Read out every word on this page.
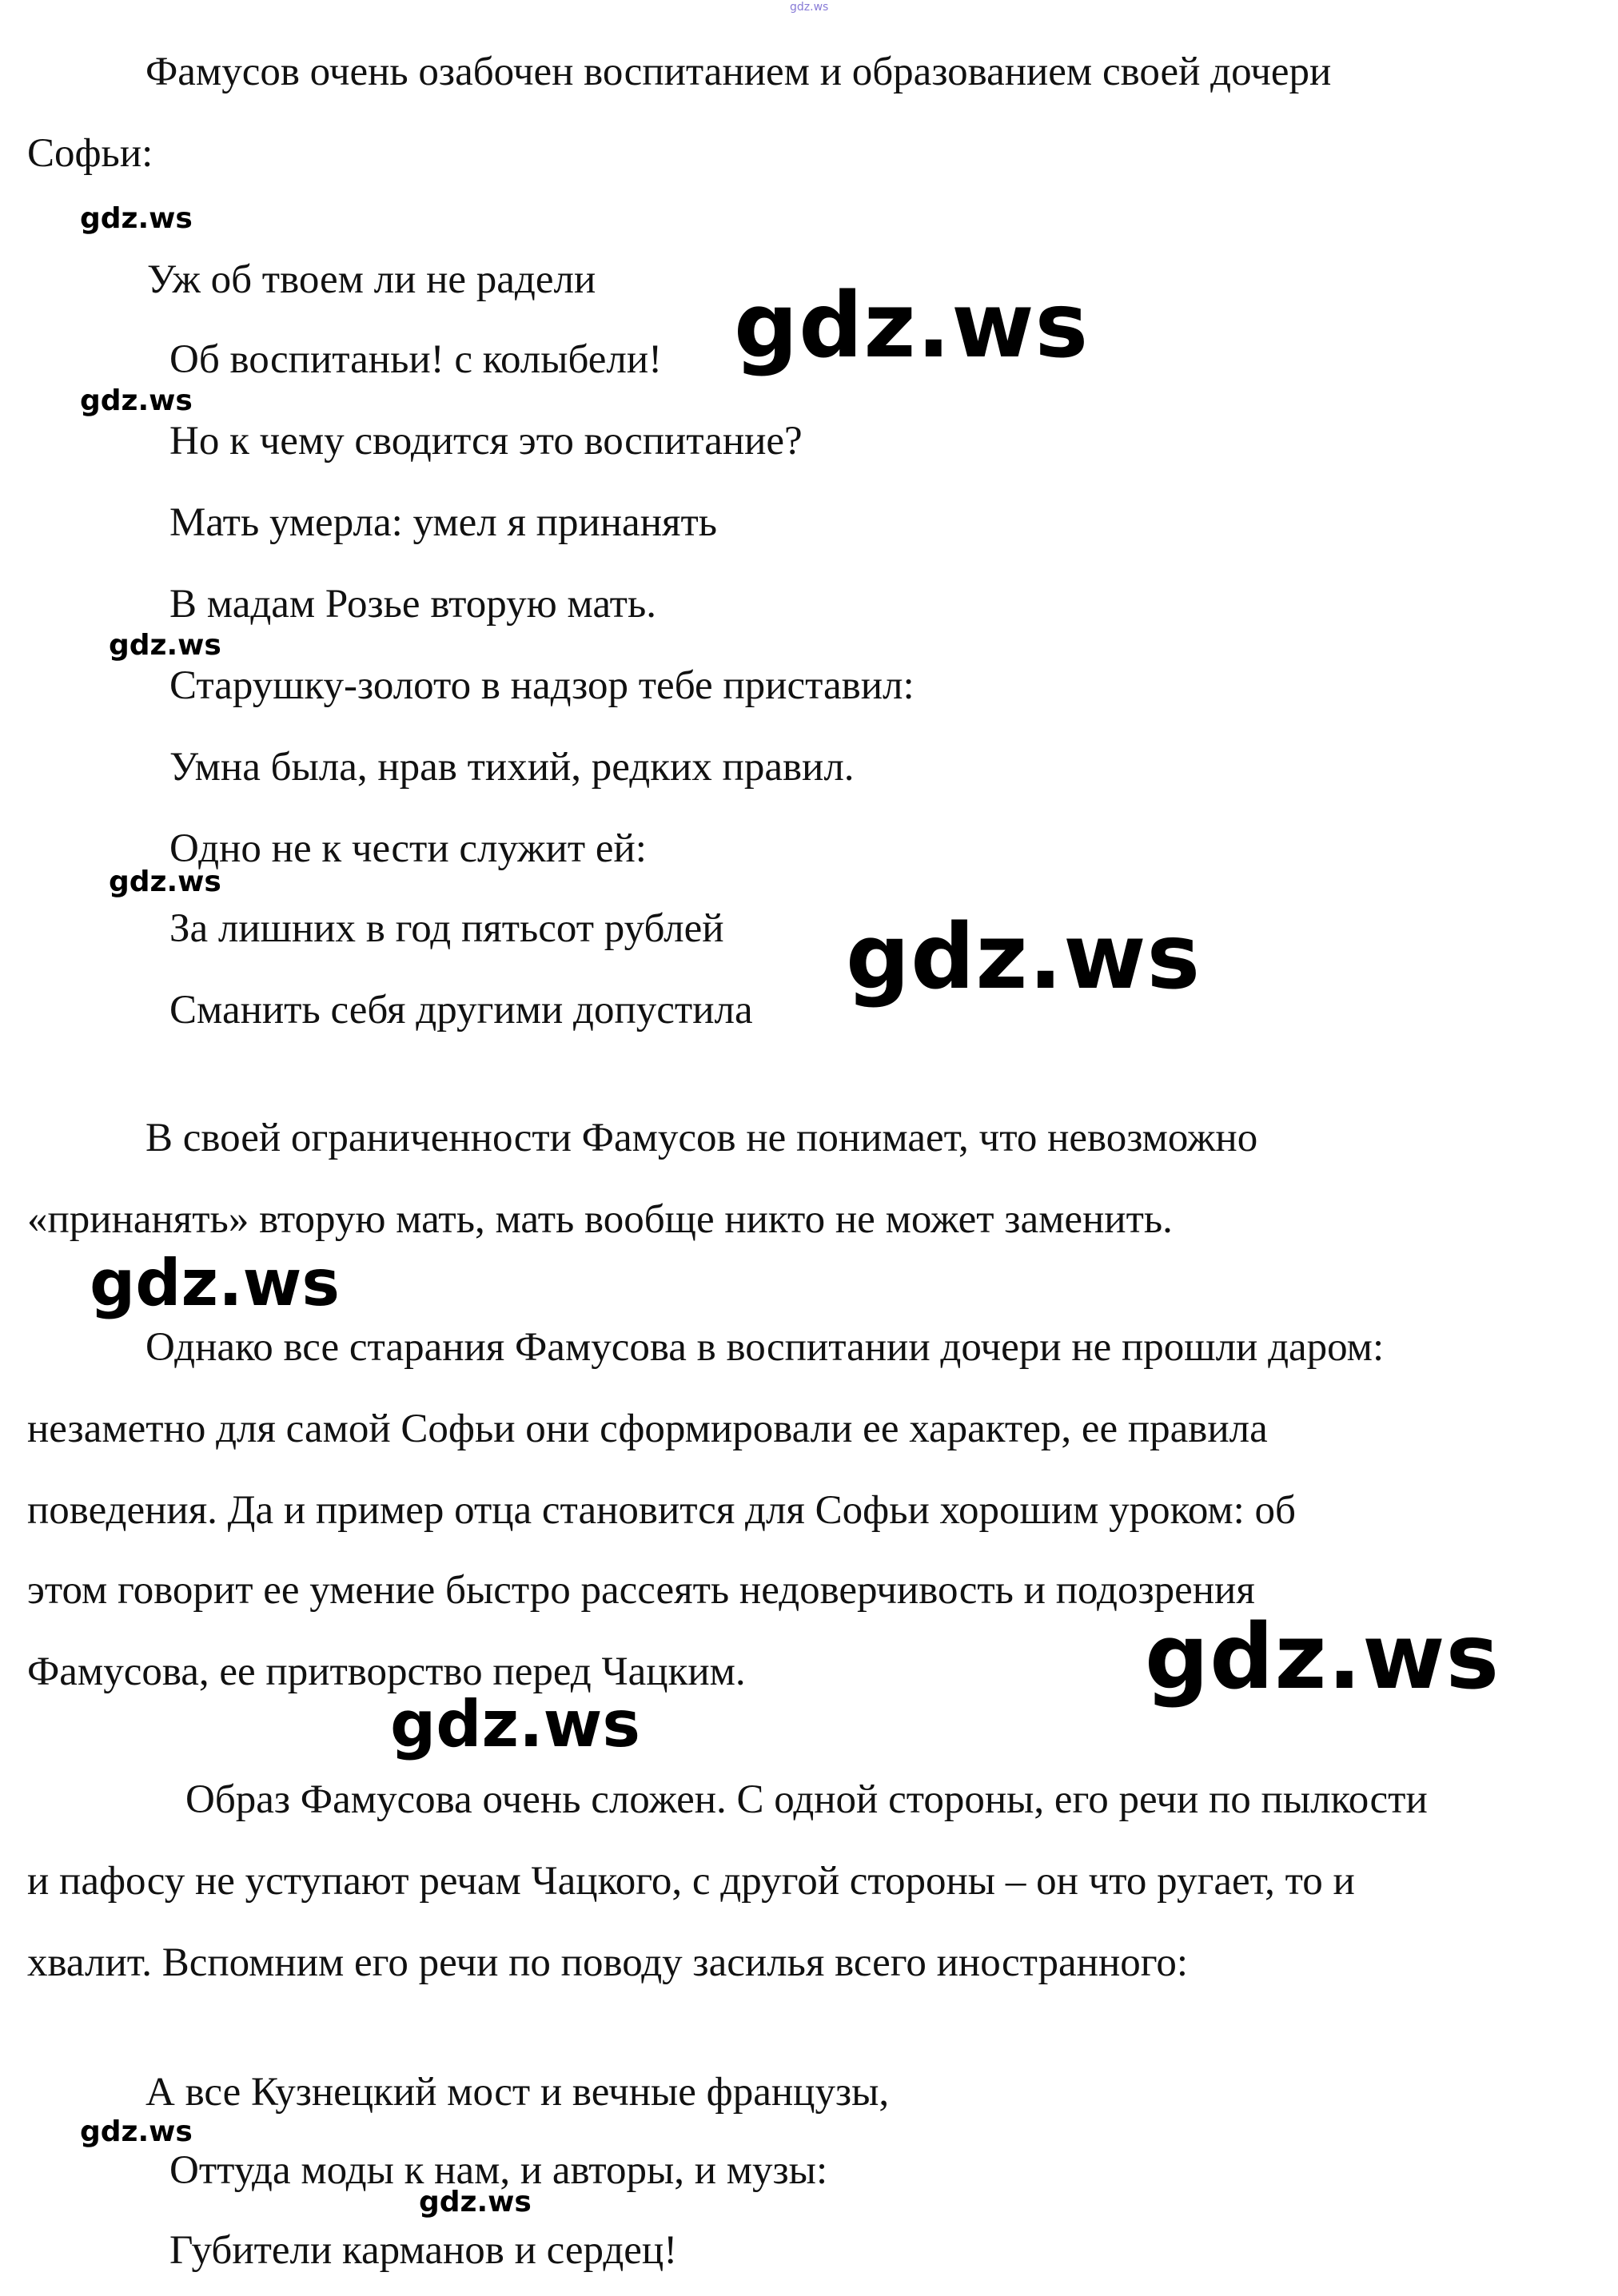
gdz.ws
Фамусов очень озабочен воспитанием и образованием своей дочери
Софьи:
gdz.ws
Уж об твоем ли не радели
Об воспитаньи! с колыбели! gdz.ws
gdz.ws
Но к чему сводится это воспитание?
Мать умерла: умел я принанять
В мадам Розье вторую мать.
gdz.ws
Старушку-золото в надзор тебе приставил:
Умна была, нрав тихий, редких правил.
Одно не к чести служит ей:
gdz.ws
За лишних в год пятьсот рублей
Сманить себя другими допустила
gdz.ws
В своей ограниченности Фамусов не понимает, что невозможно
«принанять» вторую мать, мать вообще никто не может заменить.
gdz.ws
Однако все старания Фамусова в воспитании дочери не прошли даром:
незаметно для самой Софьи они сформировали ее характер, ее правила
поведения. Да и пример отца становится для Софьи хорошим уроком: об
этом говорит ее умение быстро рассеять недоверчивость и подозрения
Фамусова, ее притворство перед Чацким.	gdz.ws
gdz.ws
Образ Фамусова очень сложен. С одной стороны, его речи по пылкости
и пафосу не уступают речам Чацкого, с другой стороны – он что ругает, то и
хвалит. Вспомним его речи по поводу засилья всего иностранного:
А все Кузнецкий мост и вечные французы,
gdz.ws
Оттуда моды к нам, и авторы, и музы:
gdz.ws
Губители карманов и сердец!
